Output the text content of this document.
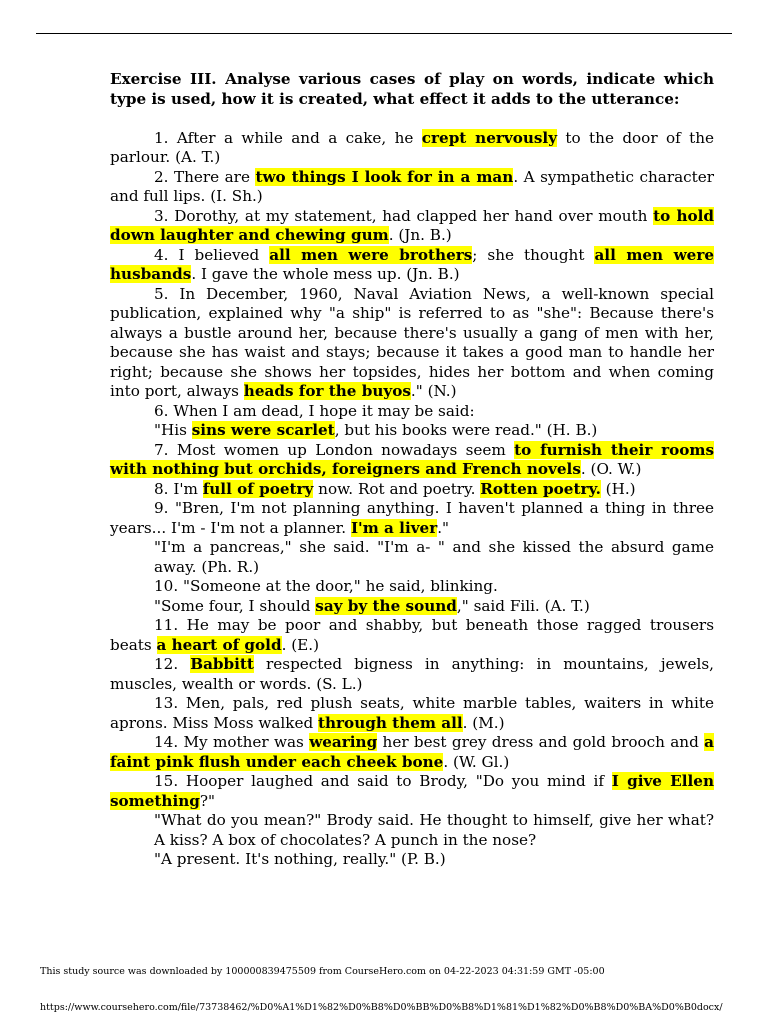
Exercise III. Analyse various cases of play on words, indicate which type is used, how it is created, what effect it adds to the utterance:

1. After a while and a cake, he crept nervously to the door of the parlour. (A. T.)

2. There are two things I look for in a man. A sympathetic character and full lips. (I. Sh.)

3. Dorothy, at my statement, had clapped her hand over mouth to hold down laughter and chewing gum. (Jn. B.)

4. I believed all men were brothers; she thought all men were husbands. I gave the whole mess up. (Jn. B.)

5. In December, 1960, Naval Aviation News, a well-known special publication, explained why "a ship" is referred to as "she": Because there's always a bustle around her, because there's usually a gang of men with her, because she has waist and stays; because it takes a good man to handle her right; because she shows her topsides, hides her bottom and when coming into port, always heads for the buyos." (N.)

6. When I am dead, I hope it may be said:

"His sins were scarlet, but his books were read." (H. B.)

7. Most women up London nowadays seem to furnish their rooms with nothing but orchids, foreigners and French novels. (O. W.)

8. I'm full of poetry now. Rot and poetry. Rotten poetry. (H.)

9. "Bren, I'm not planning anything. I haven't planned a thing in three years... I'm - I'm not a planner. I'm a liver."

"I'm a pancreas," she said. "I'm a- " and she kissed the absurd game away. (Ph. R.)

10. "Someone at the door," he said, blinking.

"Some four, I should say by the sound," said Fili. (A. T.)

11. He may be poor and shabby, but beneath those ragged trousers beats a heart of gold. (E.)

12. Babbitt respected bigness in anything: in mountains, jewels, muscles, wealth or words. (S. L.)

13. Men, pals, red plush seats, white marble tables, waiters in white aprons. Miss Moss walked through them all. (M.)

14. My mother was wearing her best grey dress and gold brooch and a faint pink flush under each cheek bone. (W. Gl.)

15. Hooper laughed and said to Brody, "Do you mind if I give Ellen something?"

"What do you mean?" Brody said. He thought to himself, give her what? A kiss? A box of chocolates? A punch in the nose?

"A present. It's nothing, really." (P. B.)

This study source was downloaded by 100000839475509 from CourseHero.com on 04-22-2023 04:31:59 GMT -05:00
https://www.coursehero.com/file/73738462/%D0%A1%D1%82%D0%B8%D0%BB%D0%B8%D1%81%D1%82%D0%B8%D0%BA%D0%B0docx/
